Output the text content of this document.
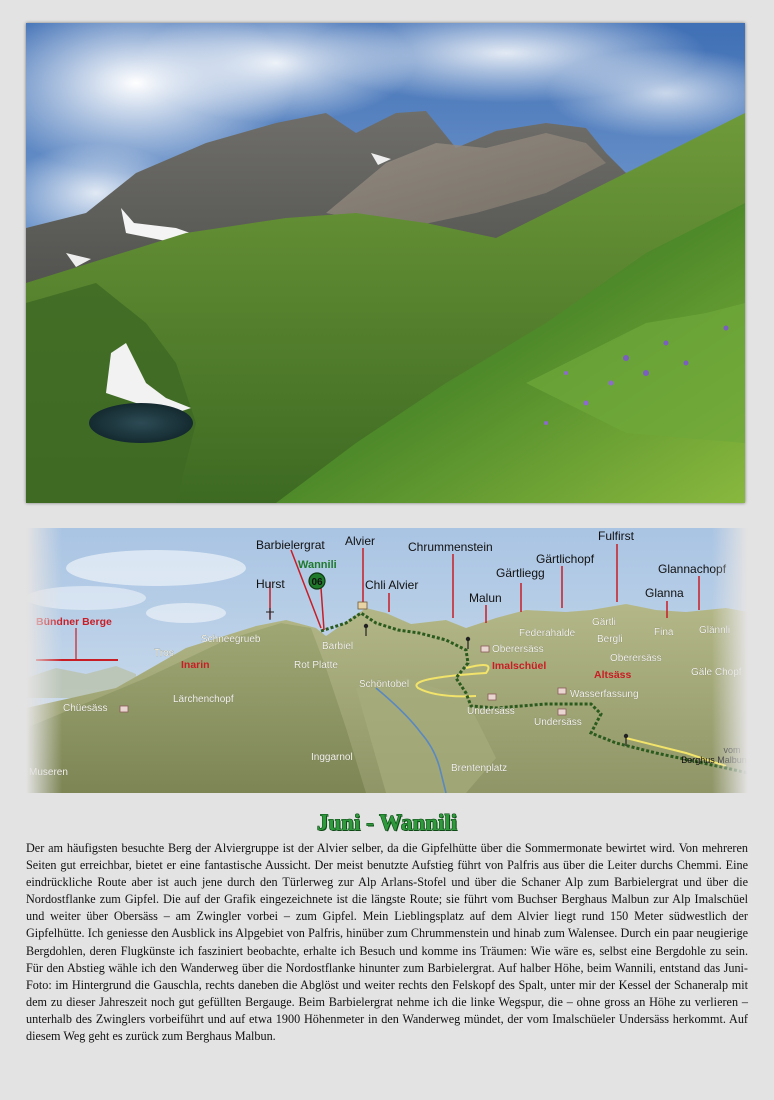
Juni - Wannili

Der am häufigsten besuchte Berg der Alviergruppe ist der Alvier selber, da die Gipfelhütte über die Sommermonate bewirtet wird. Von mehreren Seiten gut erreichbar, bietet er eine fantastische Aussicht. Der meist benutzte Aufstieg führt von Palfris aus über die Leiter durchs Chemmi. Eine eindrückliche Route aber ist auch jene durch den Türlerweg zur Alp Arlans-Stofel und über die Schaner Alp zum Barbielergrat und über die Nordostflanke zum Gipfel. Die auf der Grafik eingezeichnete ist die längste Route; sie führt vom Buchser Berghaus Malbun zur Alp Imalschüel und weiter über Obersäss – am Zwingler vorbei – zum Gipfel. Mein Lieblingsplatz auf dem Alvier liegt rund 150 Meter südwestlich der Gipfelhütte. Ich geniesse den Ausblick ins Alpgebiet von Palfris, hinüber zum Chrummenstein und hinab zum Walensee. Durch ein paar neugierige Bergdohlen, deren Flugkünste ich fasziniert beobachte, erhalte ich Besuch und komme ins Träumen: Wie wäre es, selbst eine Bergdohle zu sein. Für den Abstieg wähle ich den Wanderweg über die Nordostflanke hinunter zum Barbielergrat. Auf halber Höhe, beim Wannili, entstand das Juni-Foto: im Hintergrund die Gauschla, rechts daneben die Abglöst und weiter rechts den Felskopf des Spalt, unter mir der Kessel der Schaneralp mit dem zu dieser Jahreszeit noch gut gefüllten Bergauge. Beim Barbielergrat nehme ich die linke Wegspur, die – ohne gross an Höhe zu verlieren – unterhalb des Zwinglers vorbeiführt und auf etwa 1900 Höhenmeter in den Wanderweg mündet, der vom Imalschüeler Undersäss herkommt. Auf diesem Weg geht es zurück zum Berghaus Malbun.
